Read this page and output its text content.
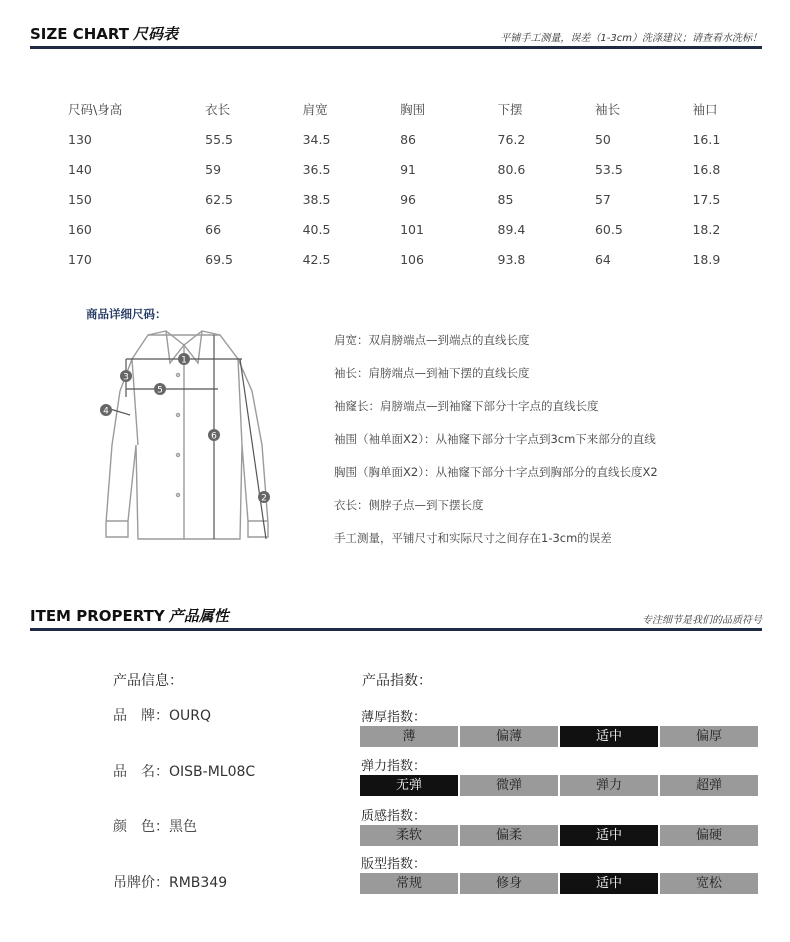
SIZE CHART 尺码表	平铺手工测量，误差（1-3cm）洗涤建议；请查看水洗标！
尺码\身高	衣长	肩宽	胸围	下摆	袖长	袖口
130	55.5	34.5	86	76.2	50	16.1
140	59	36.5	91	80.6	53.5	16.8
150	62.5	38.5	96	85	57	17.5
160	66	40.5	101	89.4	60.5	18.2
170	69.5	42.5	106	93.8	64	18.9
商品详细尺码：
1
2
3
4
5
6
肩宽：双肩膀端点—到端点的直线长度
袖长：肩膀端点—到袖下摆的直线长度
袖窿长：肩膀端点—到袖窿下部分十字点的直线长度
袖围（袖单面X2）：从袖窿下部分十字点到3cm下来部分的直线
胸围（胸单面X2）：从袖窿下部分十字点到胸部分的直线长度X2
衣长：侧脖子点—到下摆长度
手工测量，平铺尺寸和实际尺寸之间存在1-3cm的误差
ITEM PROPERTY 产品属性	专注细节是我们的品质符号
产品信息：
品　牌：OURQ
品　名：OISB-ML08C
颜　色：黑色
吊牌价：RMB349
产品指数：
薄厚指数：
薄	偏薄	适中	偏厚
弹力指数：
无弹	微弹	弹力	超弹
质感指数：
柔软	偏柔	适中	偏硬
版型指数：
常规	修身	适中	宽松
